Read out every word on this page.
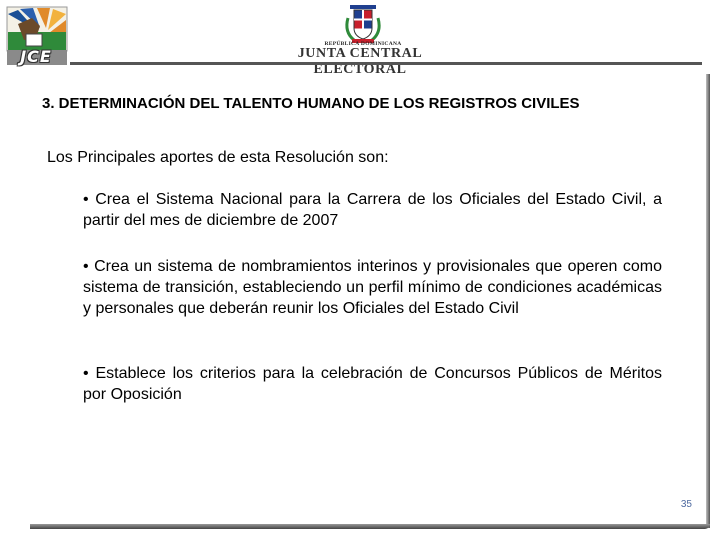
JCE
REPÚBLICA DOMINICANA
JUNTA CENTRAL ELECTORAL
3. DETERMINACIÓN DEL TALENTO HUMANO DE LOS REGISTROS CIVILES
Los Principales aportes de esta Resolución son:
• Crea el Sistema Nacional para la Carrera de los Oficiales del Estado Civil, a partir del mes de diciembre de 2007
• Crea un sistema de nombramientos interinos y provisionales que operen como sistema de transición, estableciendo un perfil mínimo de condiciones académicas y personales que deberán reunir los Oficiales del Estado Civil
• Establece los criterios para la celebración de Concursos Públicos de Méritos por Oposición
35
